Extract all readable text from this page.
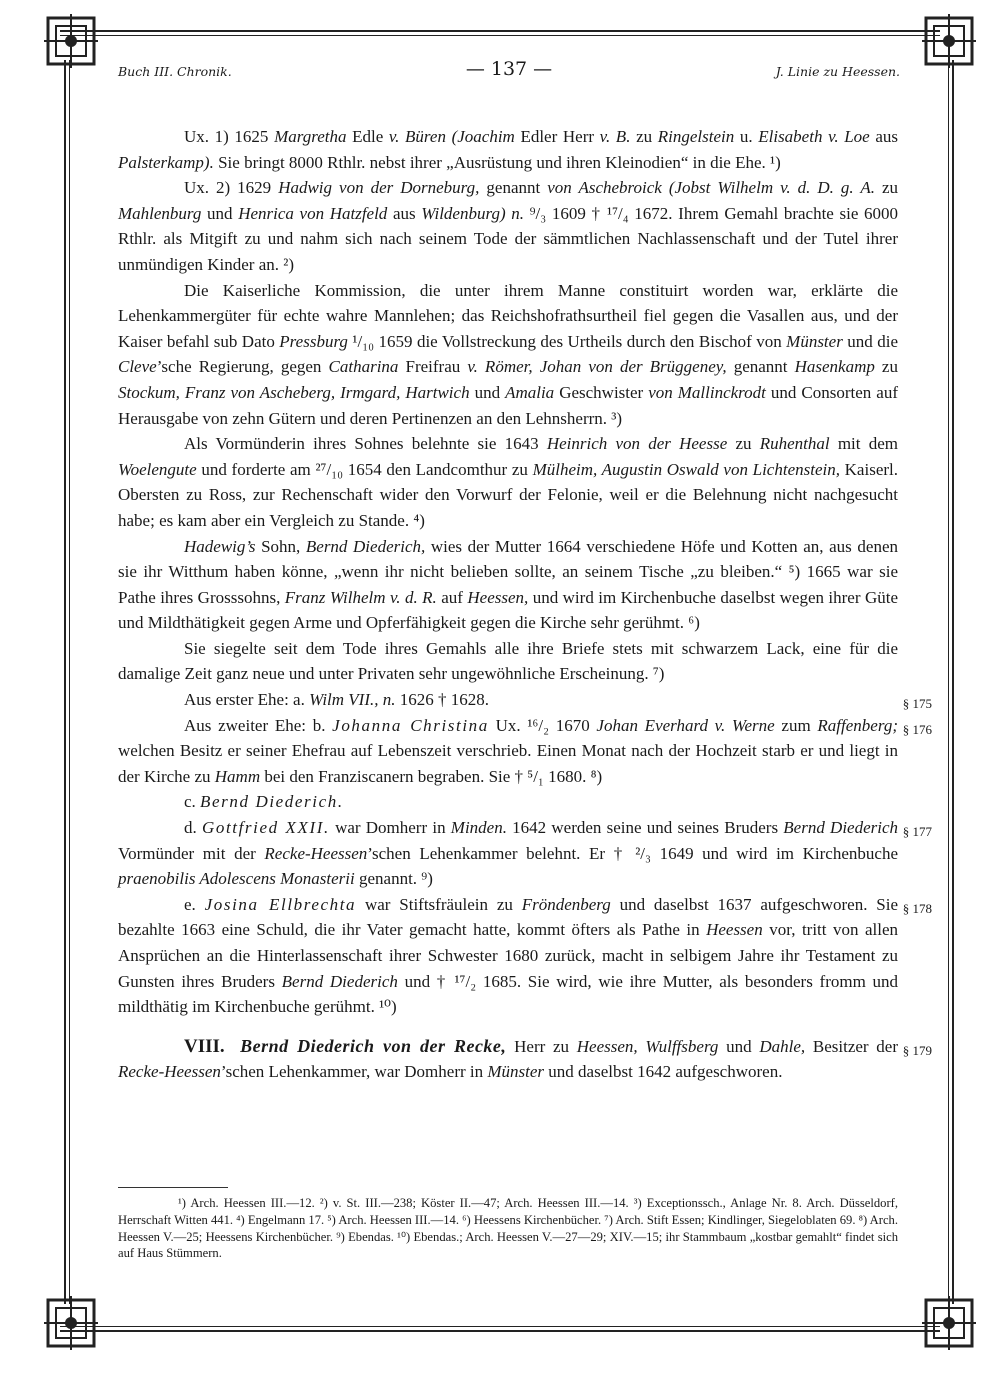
Buch III. Chronik.	— 137 —	J. Linie zu Heessen.

Ux. 1) 1625 Margretha Edle v. Büren (Joachim Edler Herr v. B. zu Ringelstein u. Elisabeth v. Loe aus Palsterkamp). Sie bringt 8000 Rthlr. nebst ihrer „Ausrüstung und ihren Kleinodien“ in die Ehe. ¹)

Ux. 2) 1629 Hadwig von der Dorneburg, genannt von Aschebroick (Jobst Wilhelm v. d. D. g. A. zu Mahlenburg und Henrica von Hatzfeld aus Wildenburg) n. ⁹/₃ 1609 † ¹⁷/₄ 1672. Ihrem Gemahl brachte sie 6000 Rthlr. als Mitgift zu und nahm sich nach seinem Tode der sämmtlichen Nachlassenschaft und der Tutel ihrer unmündigen Kinder an. ²)

Die Kaiserliche Kommission, die unter ihrem Manne constituirt worden war, erklärte die Lehenkammergüter für echte wahre Mannlehen; das Reichshofrathsurtheil fiel gegen die Vasallen aus, und der Kaiser befahl sub Dato Pressburg ¹/₁₀ 1659 die Vollstreckung des Urtheils durch den Bischof von Münster und die Cleve’sche Regierung, gegen Catharina Freifrau v. Römer, Johan von der Brüggeney, genannt Hasenkamp zu Stockum, Franz von Ascheberg, Irmgard, Hartwich und Amalia Geschwister von Mallinckrodt und Consorten auf Herausgabe von zehn Gütern und deren Pertinenzen an den Lehnsherrn. ³)

Als Vormünderin ihres Sohnes belehnte sie 1643 Heinrich von der Heesse zu Ruhenthal mit dem Woelengute und forderte am ²⁷/₁₀ 1654 den Landcomthur zu Mülheim, Augustin Oswald von Lichtenstein, Kaiserl. Obersten zu Ross, zur Rechenschaft wider den Vorwurf der Felonie, weil er die Belehnung nicht nachgesucht habe; es kam aber ein Vergleich zu Stande. ⁴)

Hadewig’s Sohn, Bernd Diederich, wies der Mutter 1664 verschiedene Höfe und Kotten an, aus denen sie ihr Witthum haben könne, „wenn ihr nicht belieben sollte, an seinem Tische „zu bleiben.“ ⁵) 1665 war sie Pathe ihres Grosssohns, Franz Wilhelm v. d. R. auf Heessen, und wird im Kirchenbuche daselbst wegen ihrer Güte und Mildthätigkeit gegen Arme und Opferfähigkeit gegen die Kirche sehr gerühmt. ⁶)

Sie siegelte seit dem Tode ihres Gemahls alle ihre Briefe stets mit schwarzem Lack, eine für die damalige Zeit ganz neue und unter Privaten sehr ungewöhnliche Erscheinung. ⁷)

Aus erster Ehe: a. Wilm VII., n. 1626 † 1628.	§ 175

Aus zweiter Ehe: b. Johanna Christina Ux. ¹⁶/₂ 1670 Johan Everhard v. Werne zum Raffenberg; welchen Besitz er seiner Ehefrau auf Lebenszeit verschrieb. Einen Monat nach der Hochzeit starb er und liegt in der Kirche zu Hamm bei den Franziscanern begraben. Sie † ⁵/₁ 1680. ⁸)

§ 176

c. Bernd Diederich.

d. Gottfried XXII. war Domherr in Minden. 1642 werden seine und seines Bruders Bernd Diederich Vormünder mit der Recke-Heessen’schen Lehenkammer belehnt. Er † ²/₃ 1649 und wird im Kirchenbuche praenobilis Adolescens Monasterii genannt. ⁹)

§ 177

e. Josina Ellbrechta war Stiftsfräulein zu Fröndenberg und daselbst 1637 aufgeschworen. Sie bezahlte 1663 eine Schuld, die ihr Vater gemacht hatte, kommt öfters als Pathe in Heessen vor, tritt von allen Ansprüchen an die Hinterlassenschaft ihrer Schwester 1680 zurück, macht in selbigem Jahre ihr Testament zu Gunsten ihres Bruders Bernd Diederich und † ¹⁷/₂ 1685. Sie wird, wie ihre Mutter, als besonders fromm und mildthätig im Kirchenbuche gerühmt. ¹⁰)

§ 178

VIII. Bernd Diederich von der Recke, Herr zu Heessen, Wulffsberg und Dahle, Besitzer der Recke-Heessen’schen Lehenkammer, war Domherr in Münster und daselbst 1642 aufgeschworen.

§ 179
¹) Arch. Heessen III.—12. ²) v. St. III.—238; Köster II.—47; Arch. Heessen III.—14. ³) Exceptionssch., Anlage Nr. 8. Arch. Düsseldorf, Herrschaft Witten 441. ⁴) Engelmann 17. ⁵) Arch. Heessen III.—14. ⁶) Heessens Kirchenbücher. ⁷) Arch. Stift Essen; Kindlinger, Siegeloblaten 69. ⁸) Arch. Heessen V.—25; Heessens Kirchenbücher. ⁹) Ebendas. ¹⁰) Ebendas.; Arch. Heessen V.—27—29; XIV.—15; ihr Stammbaum „kostbar gemahlt“ findet sich auf Haus Stümmern.
